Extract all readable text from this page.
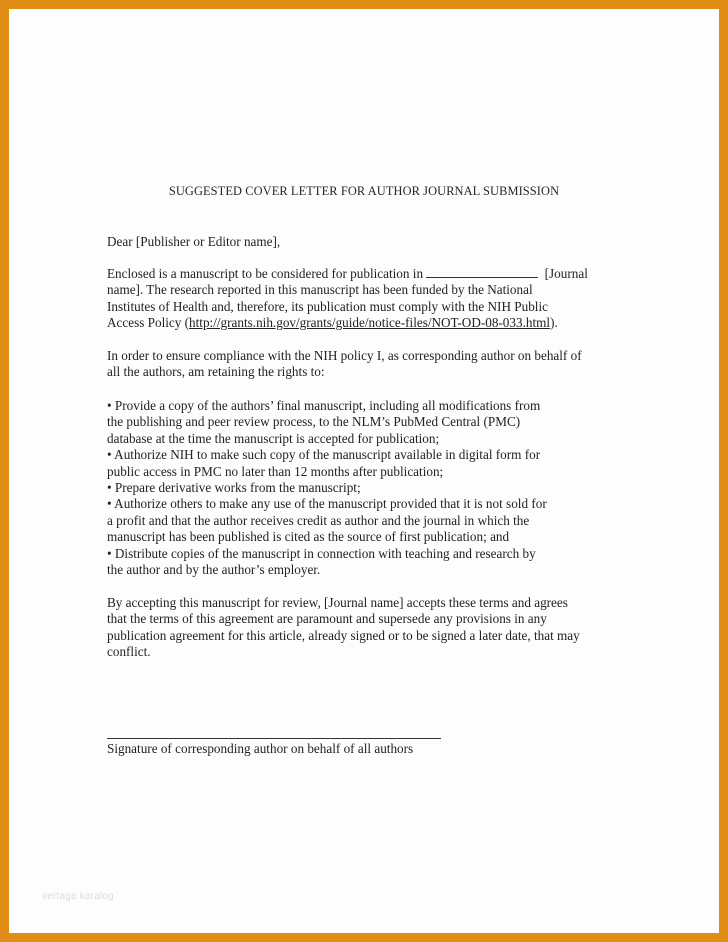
SUGGESTED COVER LETTER FOR AUTHOR JOURNAL SUBMISSION
Dear [Publisher or Editor name],
Enclosed is a manuscript to be considered for publication in	[Journal
name]. The research reported in this manuscript has been funded by the National
Institutes of Health and, therefore, its publication must comply with the NIH Public
Access Policy (http://grants.nih.gov/grants/guide/notice-files/NOT-OD-08-033.html).
In order to ensure compliance with the NIH policy I, as corresponding author on behalf of
all the authors, am retaining the rights to:
• Provide a copy of the authors’ final manuscript, including all modifications from
the publishing and peer review process, to the NLM’s PubMed Central (PMC)
database at the time the manuscript is accepted for publication;
• Authorize NIH to make such copy of the manuscript available in digital form for
public access in PMC no later than 12 months after publication;
• Prepare derivative works from the manuscript;
• Authorize others to make any use of the manuscript provided that it is not sold for
a profit and that the author receives credit as author and the journal in which the
manuscript has been published is cited as the source of first publication; and
• Distribute copies of the manuscript in connection with teaching and research by
the author and by the author’s employer.
By accepting this manuscript for review, [Journal name] accepts these terms and agrees
that the terms of this agreement are paramount and supersede any provisions in any
publication agreement for this article, already signed or to be signed a later date, that may
conflict.
Signature of corresponding author on behalf of all authors
vertage karalog
